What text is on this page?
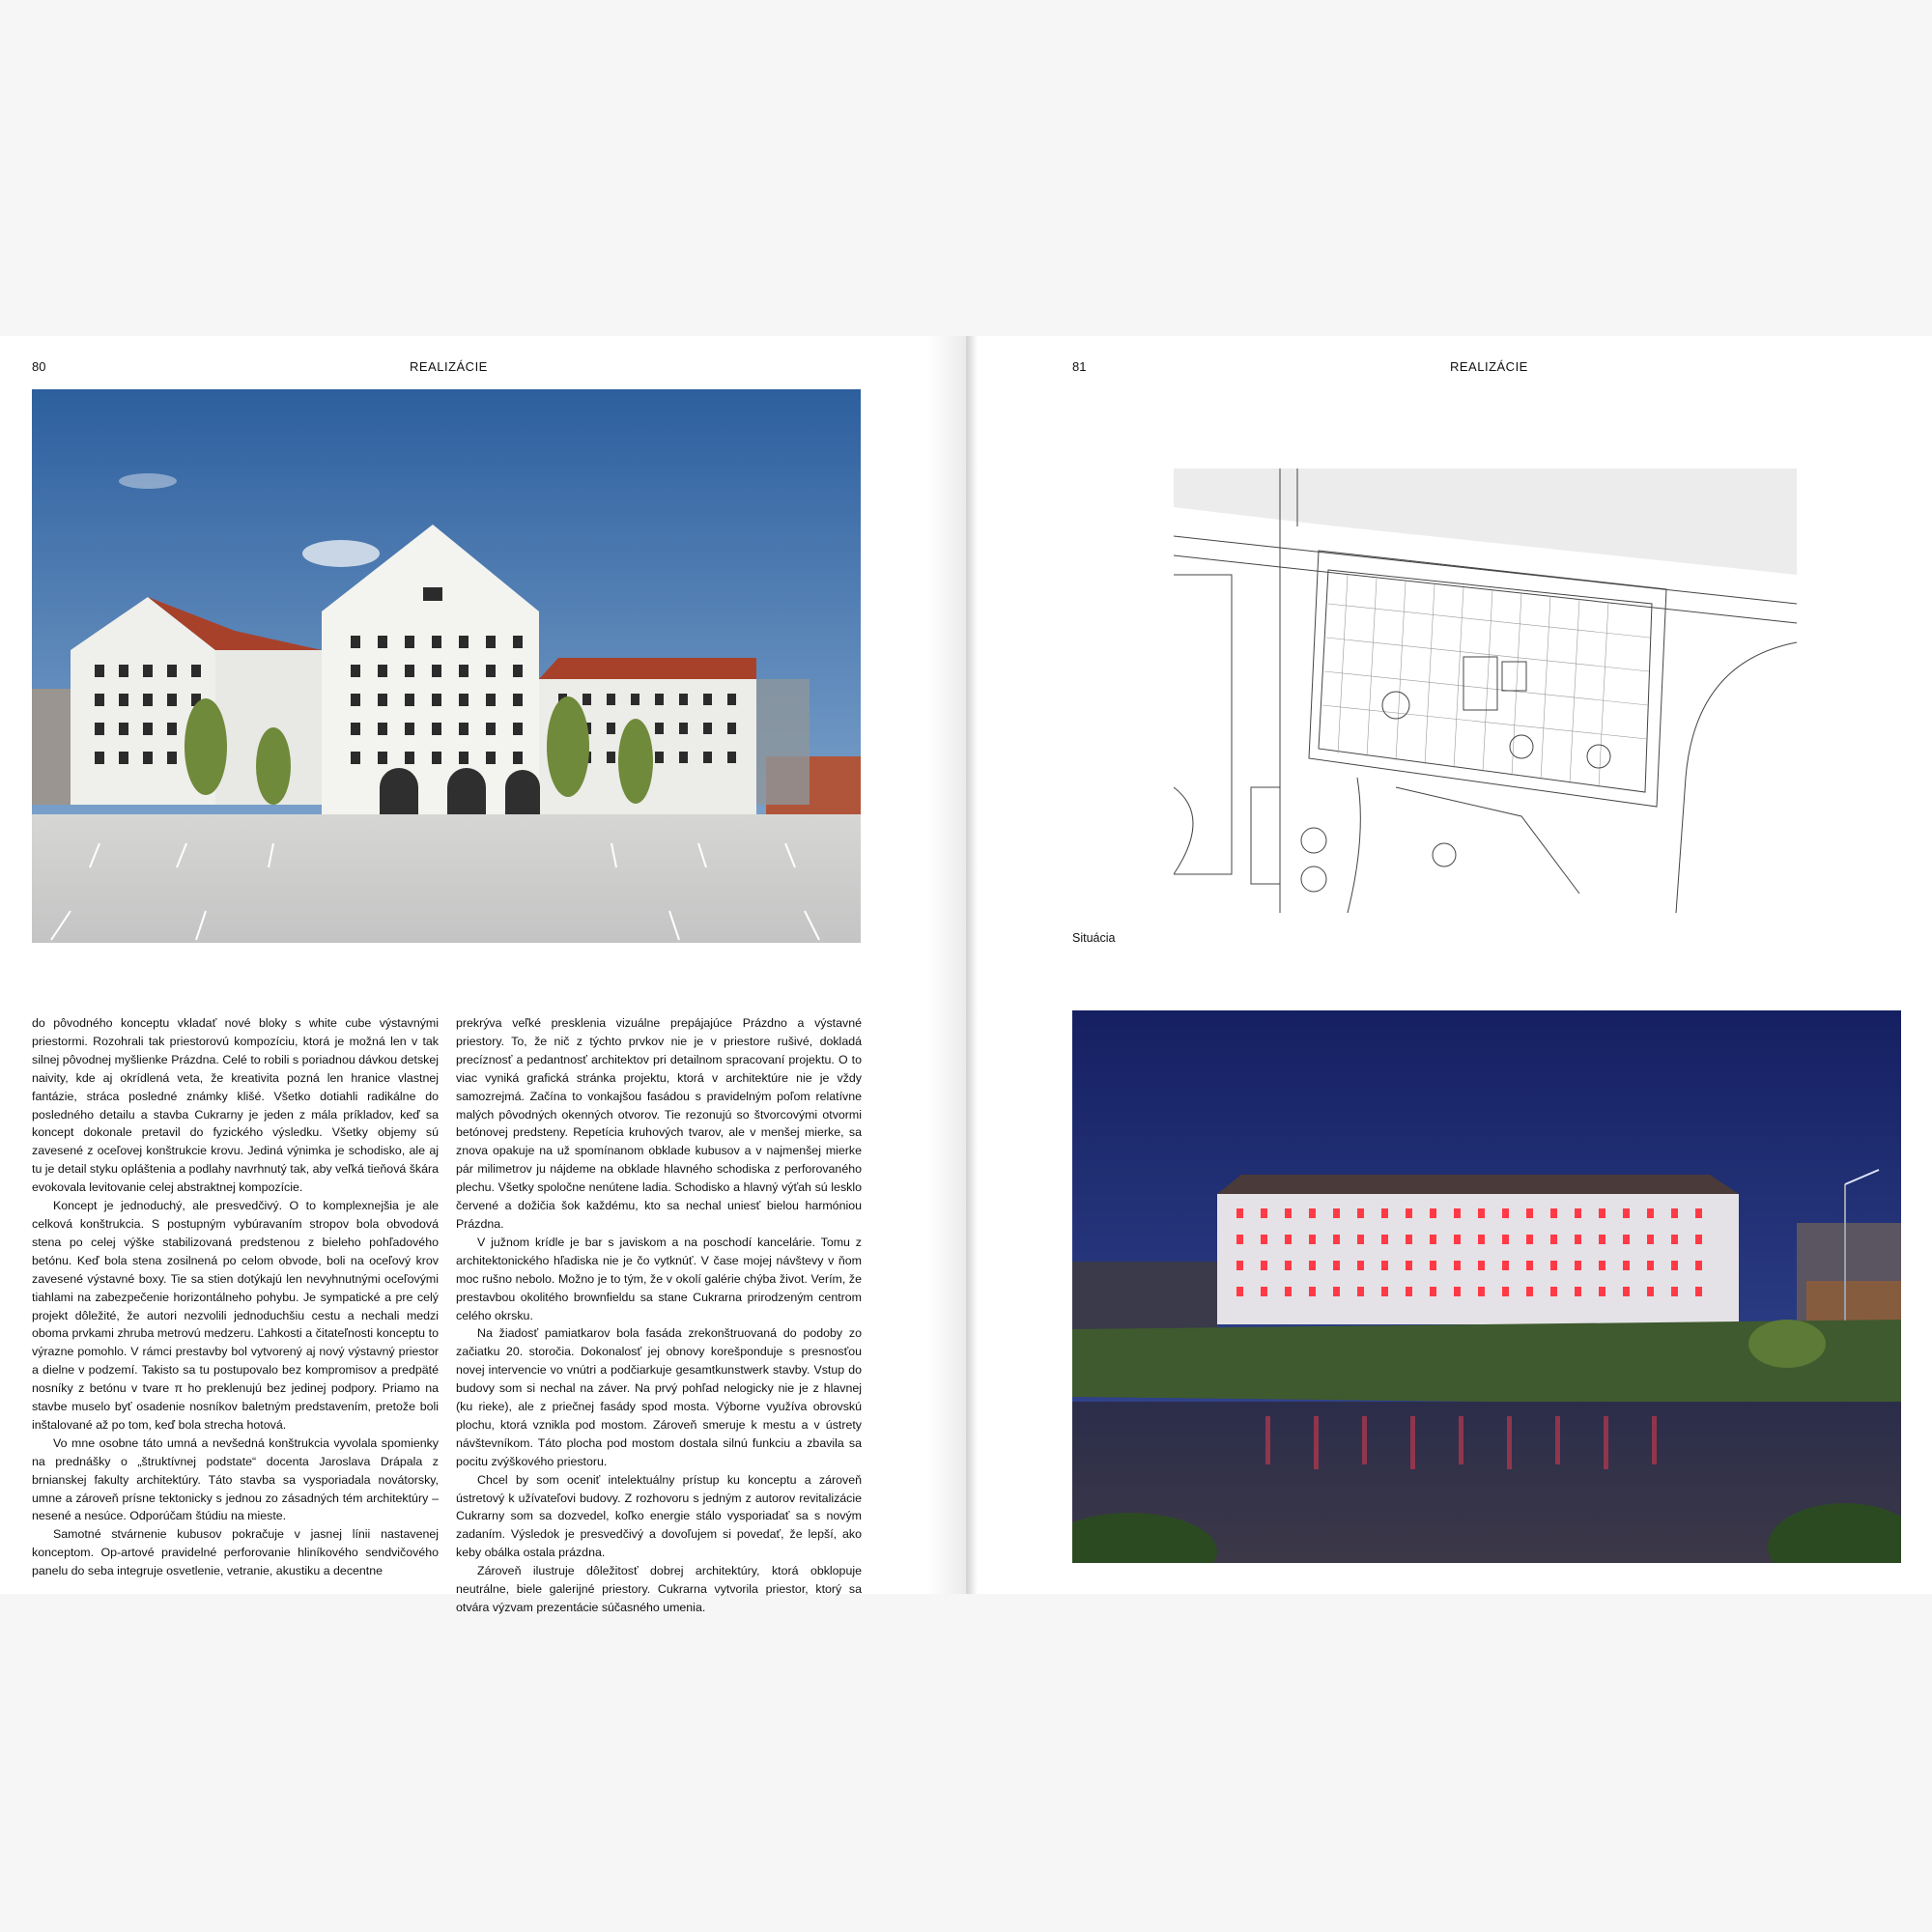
80	REALIZÁCIE

do pôvodného konceptu vkladať nové bloky s white cube výstavnými priestormi. Rozohrali tak priestorovú kompozíciu, ktorá je možná len v tak silnej pôvodnej myšlienke Prázdna. Celé to robili s poriadnou dávkou detskej naivity, kde aj okrídlená veta, že kreativita pozná len hranice vlastnej fantázie, stráca posledné známky klišé. Všetko dotiahli radikálne do posledného detailu a stavba Cukrarny je jeden z mála príkladov, keď sa koncept dokonale pretavil do fyzického výsledku. Všetky objemy sú zavesené z oceľovej konštrukcie krovu. Jediná výnimka je schodisko, ale aj tu je detail styku opláštenia a podlahy navrhnutý tak, aby veľká tieňová škára evokovala levitovanie celej abstraktnej kompozície.

Koncept je jednoduchý, ale presvedčivý. O to komplexnejšia je ale celková konštrukcia. S postupným vybúravaním stropov bola obvodová stena po celej výške stabilizovaná predstenou z bieleho pohľadového betónu. Keď bola stena zosilnená po celom obvode, boli na oceľový krov zavesené výstavné boxy. Tie sa stien dotýkajú len nevyhnutnými oceľovými tiahlami na zabezpečenie horizontálneho pohybu. Je sympatické a pre celý projekt dôležité, že autori nezvolili jednoduchšiu cestu a nechali medzi oboma prvkami zhruba metrovú medzeru. Ľahkosti a čitateľnosti konceptu to výrazne pomohlo. V rámci prestavby bol vytvorený aj nový výstavný priestor a dielne v podzemí. Takisto sa tu postupovalo bez kompromisov a predpäté nosníky z betónu v tvare π ho preklenujú bez jedinej podpory. Priamo na stavbe muselo byť osadenie nosníkov baletným predstavením, pretože boli inštalované až po tom, keď bola strecha hotová.

Vo mne osobne táto umná a nevšedná konštrukcia vyvolala spomienky na prednášky o „štruktívnej podstate“ docenta Jaroslava Drápala z brnianskej fakulty architektúry. Táto stavba sa vysporiadala novátorsky, umne a zároveň prísne tektonicky s jednou zo zásadných tém architektúry – nesené a nesúce. Odporúčam štúdiu na mieste.

Samotné stvárnenie kubusov pokračuje v jasnej línii nastavenej konceptom. Op-artové pravidelné perforovanie hliníkového sendvičového panelu do seba integruje osvetlenie, vetranie, akustiku a decentne

prekrýva veľké presklenia vizuálne prepájajúce Prázdno a výstavné priestory. To, že nič z týchto prvkov nie je v priestore rušivé, dokladá precíznosť a pedantnosť architektov pri detailnom spracovaní projektu. O to viac vyniká grafická stránka projektu, ktorá v architektúre nie je vždy samozrejmá. Začína to vonkajšou fasádou s pravidelným poľom relatívne malých pôvodných okenných otvorov. Tie rezonujú so štvorcovými otvormi betónovej predsteny. Repetícia kruhových tvarov, ale v menšej mierke, sa znova opakuje na už spomínanom obklade kubusov a v najmenšej mierke pár milimetrov ju nájdeme na obklade hlavného schodiska z perforovaného plechu. Všetky spoločne nenútene ladia. Schodisko a hlavný výťah sú lesklo červené a dožičia šok každému, kto sa nechal uniesť bielou harmóniou Prázdna.

V južnom krídle je bar s javiskom a na poschodí kancelárie. Tomu z architektonického hľadiska nie je čo vytknúť. V čase mojej návštevy v ňom moc rušno nebolo. Možno je to tým, že v okolí galérie chýba život. Verím, že prestavbou okolitého brownfieldu sa stane Cukrarna prirodzeným centrom celého okrsku.

Na žiadosť pamiatkarov bola fasáda zrekonštruovaná do podoby zo začiatku 20. storočia. Dokonalosť jej obnovy korešponduje s presnosťou novej intervencie vo vnútri a podčiarkuje gesamtkunstwerk stavby. Vstup do budovy som si nechal na záver. Na prvý pohľad nelogicky nie je z hlavnej (ku rieke), ale z priečnej fasády spod mosta. Výborne využíva obrovskú plochu, ktorá vznikla pod mostom. Zároveň smeruje k mestu a v ústrety návštevníkom. Táto plocha pod mostom dostala silnú funkciu a zbavila sa pocitu zvýškového priestoru.

Chcel by som oceniť intelektuálny prístup ku konceptu a zároveň ústretový k užívateľovi budovy. Z rozhovoru s jedným z autorov revitalizácie Cukrarny som sa dozvedel, koľko energie stálo vysporiadať sa s novým zadaním. Výsledok je presvedčivý a dovoľujem si povedať, že lepší, ako keby obálka ostala prázdna.

Zároveň ilustruje dôležitosť dobrej architektúry, ktorá obklopuje neutrálne, biele galerijné priestory. Cukrarna vytvorila priestor, ktorý sa otvára výzvam prezentácie súčasného umenia.

81	REALIZÁCIE
Situácia
